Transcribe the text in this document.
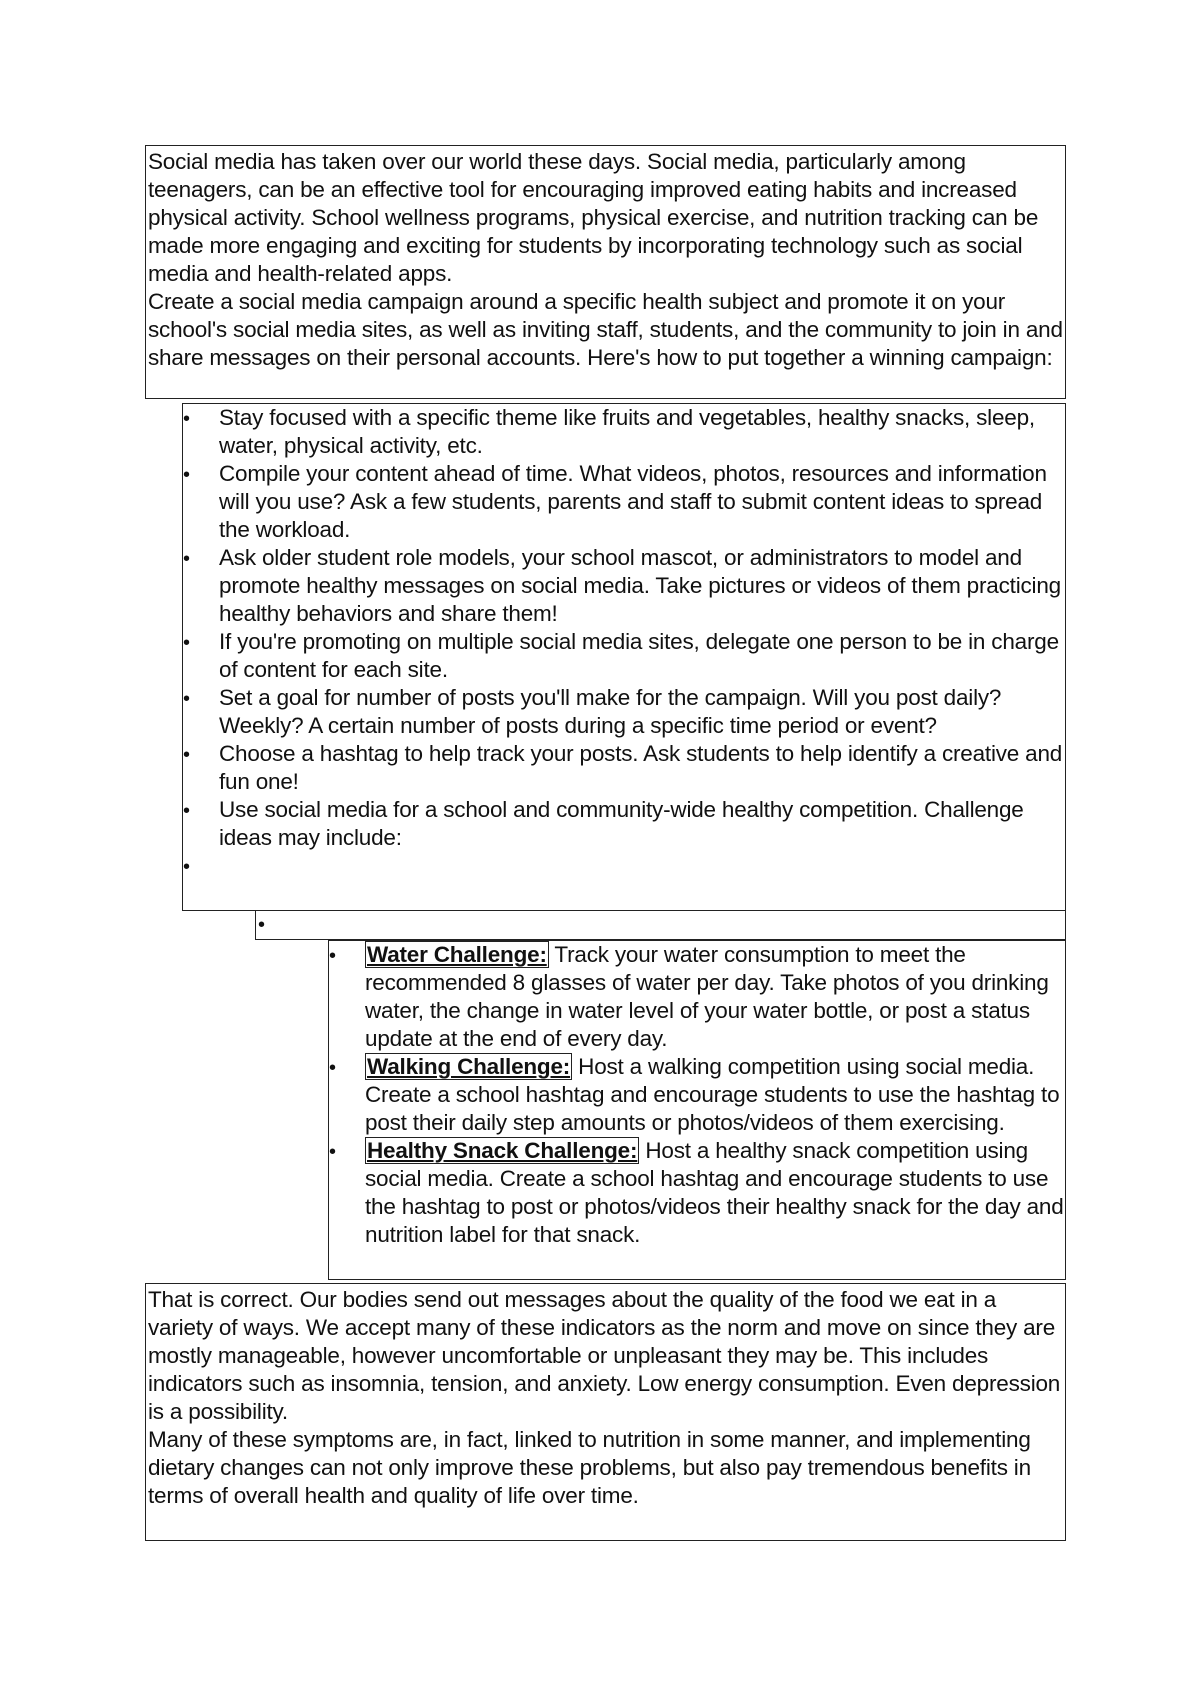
Social media has taken over our world these days. Social media, particularly among teenagers, can be an effective tool for encouraging improved eating habits and increased physical activity. School wellness programs, physical exercise, and nutrition tracking can be made more engaging and exciting for students by incorporating technology such as social media and health-related apps.

Create a social media campaign around a specific health subject and promote it on your school's social media sites, as well as inviting staff, students, and the community to join in and share messages on their personal accounts. Here's how to put together a winning campaign:

•
Stay focused with a specific theme like fruits and vegetables, healthy snacks, sleep, water, physical activity, etc.
•
Compile your content ahead of time. What videos, photos, resources and information will you use? Ask a few students, parents and staff to submit content ideas to spread the workload.
•
Ask older student role models, your school mascot, or administrators to model and promote healthy messages on social media. Take pictures or videos of them practicing healthy behaviors and share them!
•
If you're promoting on multiple social media sites, delegate one person to be in charge of content for each site.
•
Set a goal for number of posts you'll make for the campaign. Will you post daily? Weekly? A certain number of posts during a specific time period or event?
•
Choose a hashtag to help track your posts. Ask students to help identify a creative and fun one!
•
Use social media for a school and community-wide healthy competition. Challenge ideas may include:
•
•
•
Water Challenge: Track your water consumption to meet the recommended 8 glasses of water per day. Take photos of you drinking water, the change in water level of your water bottle, or post a status update at the end of every day.
•
Walking Challenge: Host a walking competition using social media. Create a school hashtag and encourage students to use the hashtag to post their daily step amounts or photos/videos of them exercising.
•
Healthy Snack Challenge: Host a healthy snack competition using social media. Create a school hashtag and encourage students to use the hashtag to post or photos/videos their healthy snack for the day and nutrition label for that snack.

That is correct. Our bodies send out messages about the quality of the food we eat in a variety of ways. We accept many of these indicators as the norm and move on since they are mostly manageable, however uncomfortable or unpleasant they may be. This includes indicators such as insomnia, tension, and anxiety. Low energy consumption. Even depression is a possibility.

Many of these symptoms are, in fact, linked to nutrition in some manner, and implementing dietary changes can not only improve these problems, but also pay tremendous benefits in terms of overall health and quality of life over time.
